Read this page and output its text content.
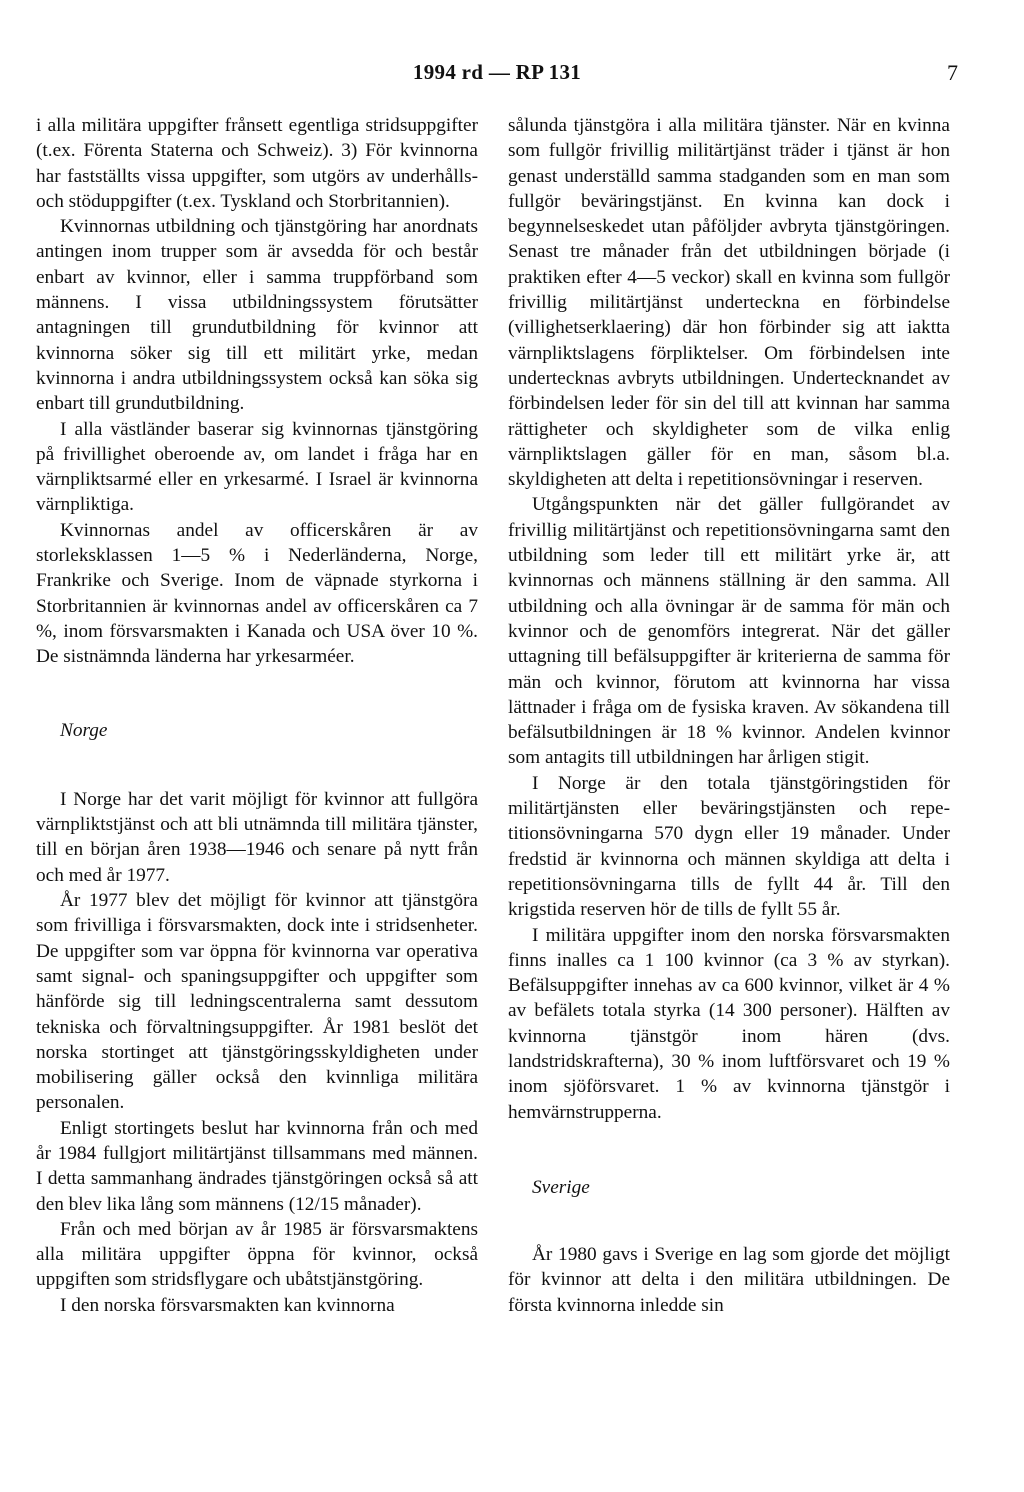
1994 rd — RP 131	7

i alla militära uppgifter frånsett egentliga stridsuppgifter (t.ex. Förenta Staterna och Schweiz). 3) För kvinnorna har fastställts vissa uppgifter, som utgörs av underhålls- och stöduppgifter (t.ex. Tyskland och Storbritannien).

Kvinnornas utbildning och tjänstgöring har anordnats antingen inom trupper som är avsedda för och består enbart av kvinnor, eller i samma truppförband som männens. I vissa utbildningssystem förutsätter antagningen till grundutbildning för kvinnor att kvinnorna söker sig till ett militärt yrke, medan kvinnorna i andra utbildningssystem också kan söka sig enbart till grundutbildning.

I alla västländer baserar sig kvinnornas tjänstgöring på frivillighet oberoende av, om landet i fråga har en värnpliktsarmé eller en yrkesarmé. I Israel är kvinnorna värnpliktiga.

Kvinnornas andel av officerskåren är av storleksklassen 1—5 % i Nederländerna, Norge, Frankrike och Sverige. Inom de väpnade styrkorna i Storbritannien är kvinnornas andel av officerskåren ca 7 %, inom försvarsmakten i Kanada och USA över 10 %. De sistnämnda länderna har yrkesarméer.

Norge

I Norge har det varit möjligt för kvinnor att fullgöra värnpliktstjänst och att bli utnämnda till militära tjänster, till en början åren 1938—1946 och senare på nytt från och med år 1977.

År 1977 blev det möjligt för kvinnor att tjänstgöra som frivilliga i försvarsmakten, dock inte i stridsenheter. De uppgifter som var öppna för kvinnorna var operativa samt signal- och spaningsuppgifter och uppgifter som hänförde sig till ledningscentralerna samt dessutom tekniska och förvaltningsuppgifter. År 1981 beslöt det norska stortinget att tjänstgöringsskyldigheten under mobilisering gäller också den kvinnliga militära personalen.

Enligt stortingets beslut har kvinnorna från och med år 1984 fullgjort militärtjänst tillsammans med männen. I detta sammanhang ändrades tjänstgöringen också så att den blev lika lång som männens (12/15 månader).

Från och med början av år 1985 är försvarsmaktens alla militära uppgifter öppna för kvinnor, också uppgiften som stridsflygare och ubåtstjänstgöring.

I den norska försvarsmakten kan kvinnorna

sålunda tjänstgöra i alla militära tjänster. När en kvinna som fullgör frivillig militärtjänst träder i tjänst är hon genast underställd samma stadganden som en man som fullgör beväringstjänst. En kvinna kan dock i begynnelseskedet utan påföljder avbryta tjänstgöringen. Senast tre månader från det utbildningen började (i praktiken efter 4—5 veckor) skall en kvinna som fullgör frivillig militärtjänst underteckna en förbindelse (villighetserklaering) där hon förbinder sig att iaktta värnpliktslagens förpliktelser. Om förbindelsen inte undertecknas avbryts utbildningen. Undertecknandet av förbindelsen leder för sin del till att kvinnan har samma rättigheter och skyldigheter som de vilka enlig värnpliktslagen gäller för en man, såsom bl.a. skyldigheten att delta i repetitionsövningar i reserven.

Utgångspunkten när det gäller fullgörandet av frivillig militärtjänst och repetitionsövningarna samt den utbildning som leder till ett militärt yrke är, att kvinnornas och männens ställning är den samma. All utbildning och alla övningar är de samma för män och kvinnor och de genomförs integrerat. När det gäller uttagning till befälsuppgifter är kriterierna de samma för män och kvinnor, förutom att kvinnorna har vissa lättnader i fråga om de fysiska kraven. Av sökandena till befälsutbildningen är 18 % kvinnor. Andelen kvinnor som antagits till utbildningen har årligen stigit.

I Norge är den totala tjänstgöringstiden för militärtjänsten eller beväringstjänsten och repetitionsövningarna 570 dygn eller 19 månader. Under fredstid är kvinnorna och männen skyldiga att delta i repetitionsövningarna tills de fyllt 44 år. Till den krigstida reserven hör de tills de fyllt 55 år.

I militära uppgifter inom den norska försvarsmakten finns inalles ca 1 100 kvinnor (ca 3 % av styrkan). Befälsuppgifter innehas av ca 600 kvinnor, vilket är 4 % av befälets totala styrka (14 300 personer). Hälften av kvinnorna tjänstgör inom hären (dvs. landstridskrafterna), 30 % inom luftförsvaret och 19 % inom sjöförsvaret. 1 % av kvinnorna tjänstgör i hemvärnstrupperna.

Sverige

År 1980 gavs i Sverige en lag som gjorde det möjligt för kvinnor att delta i den militära utbildningen. De första kvinnorna inledde sin
